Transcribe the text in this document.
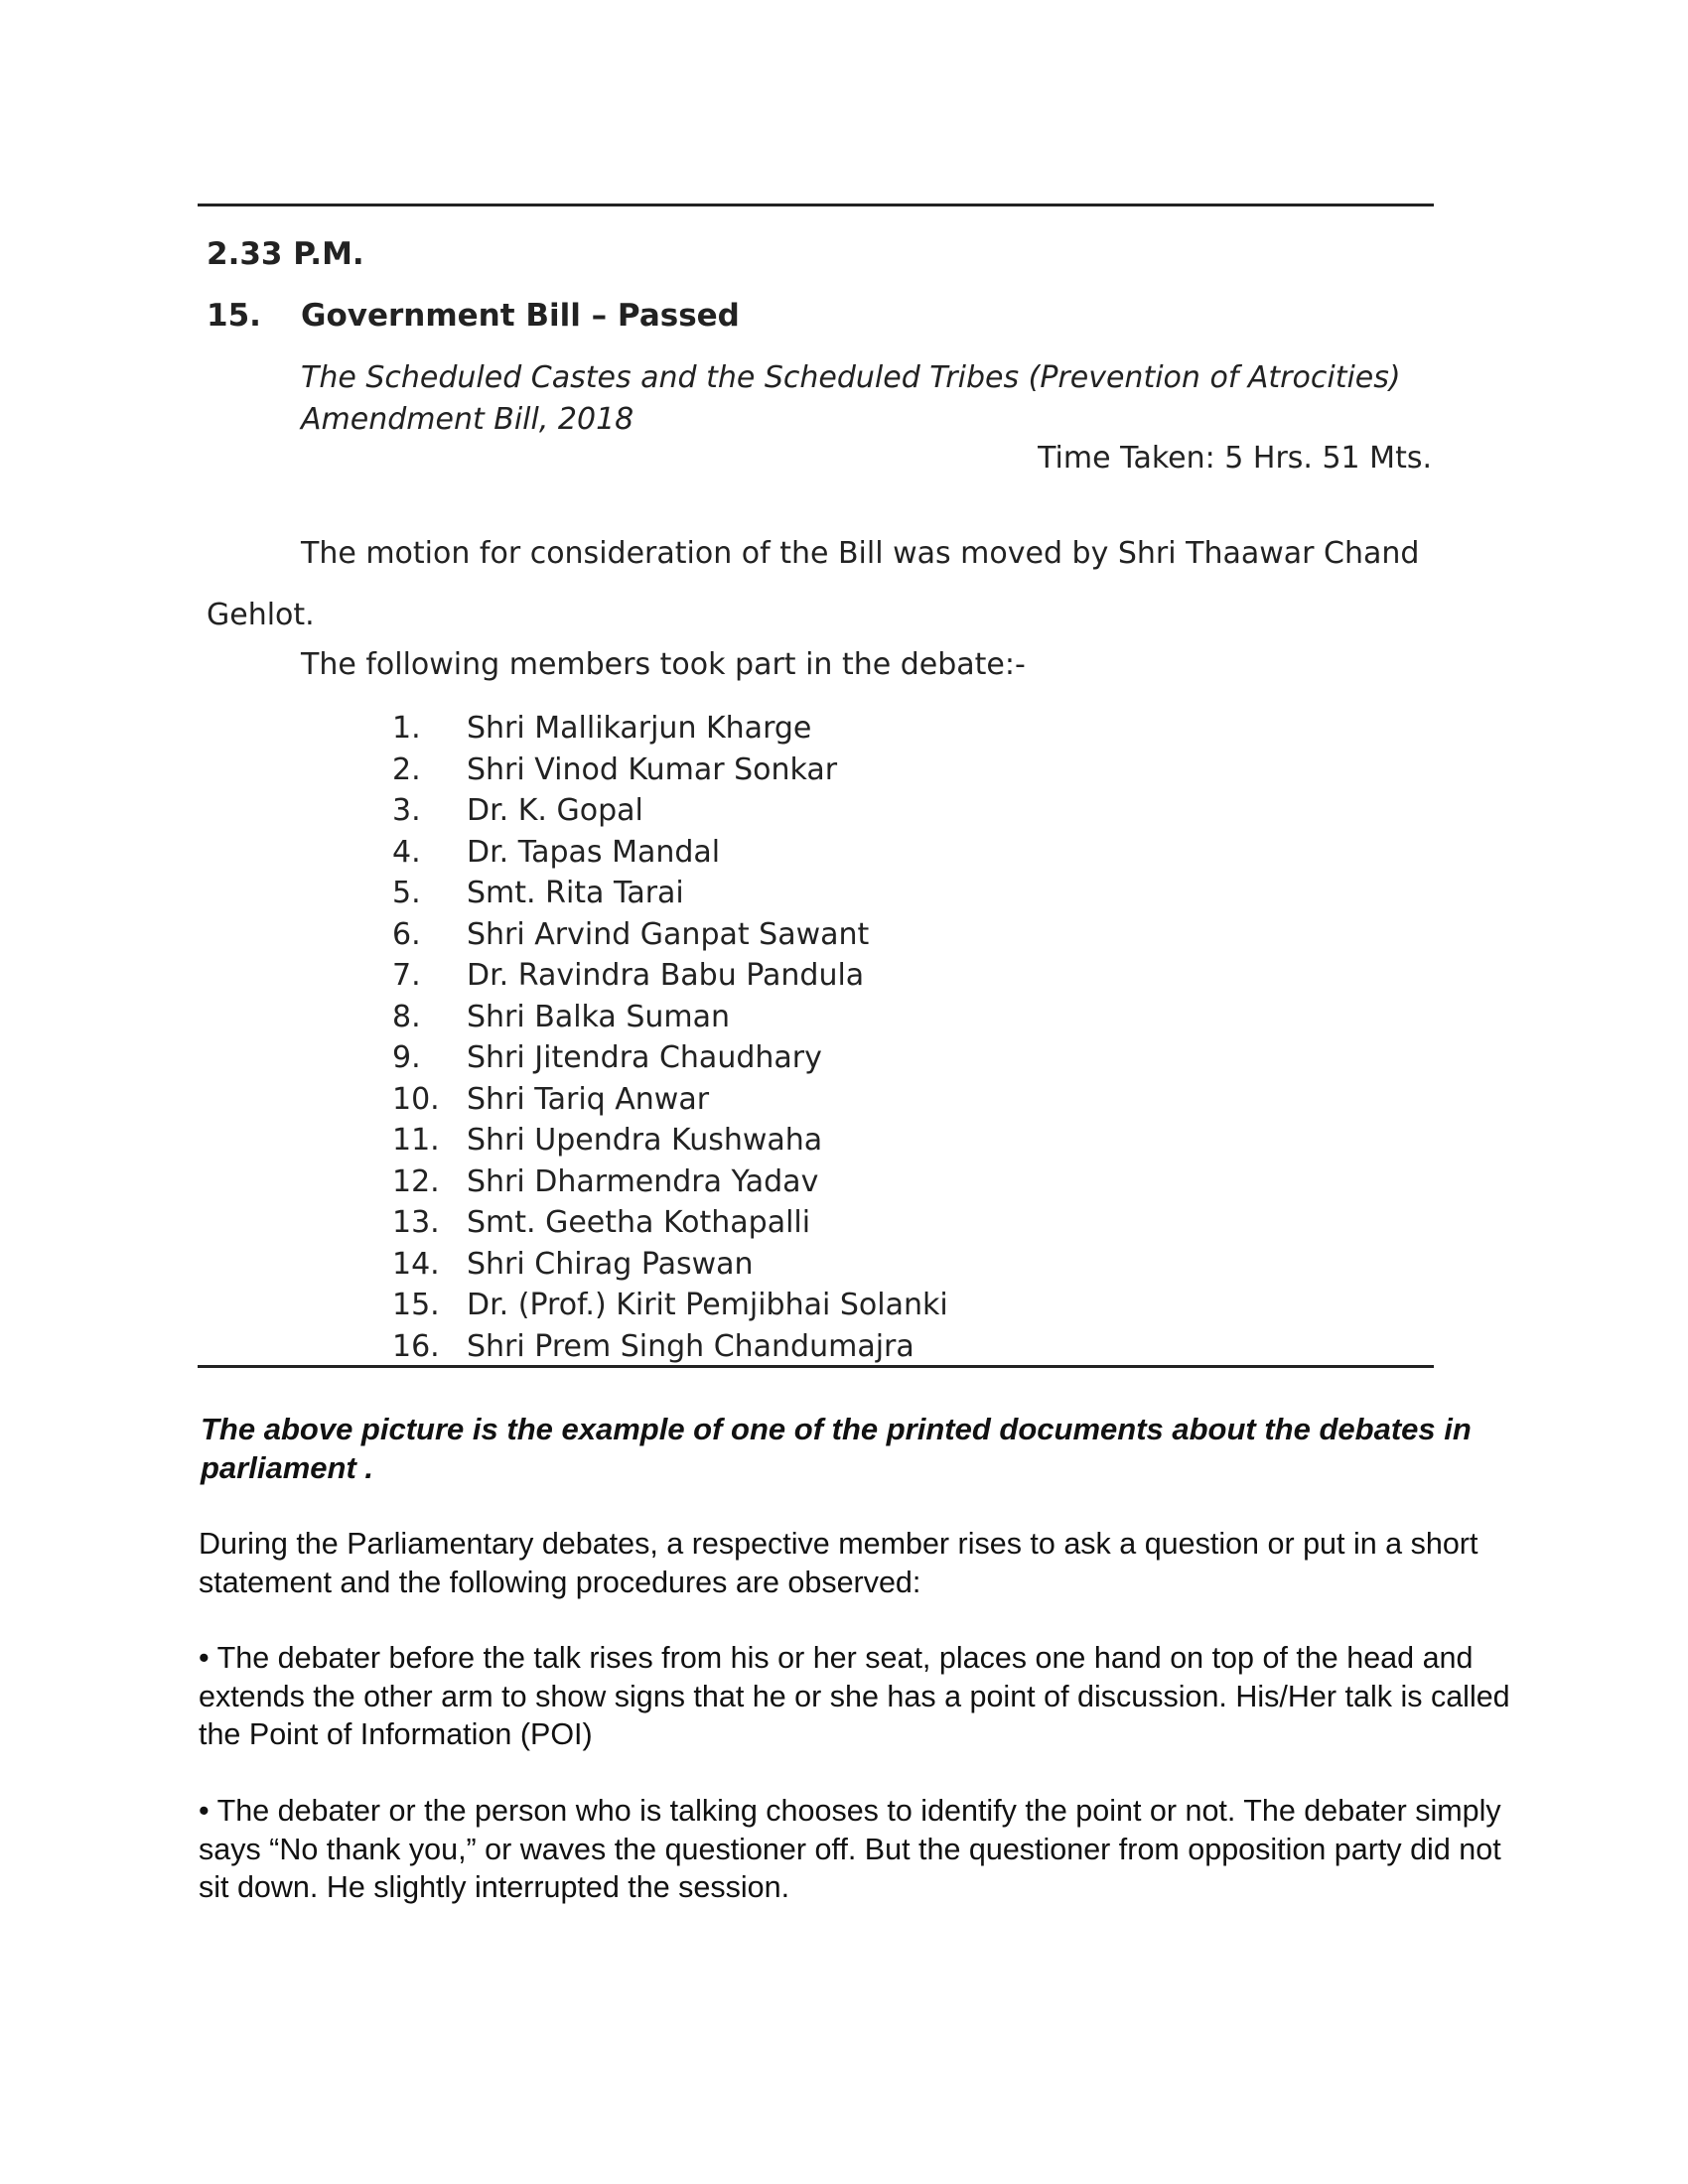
2.33 P.M.
15. Government Bill – Passed
The Scheduled Castes and the Scheduled Tribes (Prevention of Atrocities) Amendment Bill, 2018
Time Taken: 5 Hrs. 51 Mts.
The motion for consideration of the Bill was moved by Shri Thaawar Chand Gehlot.
The following members took part in the debate:-
1. Shri Mallikarjun Kharge
2. Shri Vinod Kumar Sonkar
3. Dr. K. Gopal
4. Dr. Tapas Mandal
5. Smt. Rita Tarai
6. Shri Arvind Ganpat Sawant
7. Dr. Ravindra Babu Pandula
8. Shri Balka Suman
9. Shri Jitendra Chaudhary
10. Shri Tariq Anwar
11. Shri Upendra Kushwaha
12. Shri Dharmendra Yadav
13. Smt. Geetha Kothapalli
14. Shri Chirag Paswan
15. Dr. (Prof.) Kirit Pemjibhai Solanki
16. Shri Prem Singh Chandumajra
The above picture is the example of one of the printed documents about the debates in parliament .
During the Parliamentary debates, a respective member rises to ask a question or put in a short statement and the following procedures are observed:
• The debater before the talk rises from his or her seat, places one hand on top of the head and extends the other arm to show signs that he or she has a point of discussion. His/Her talk is called the Point of Information (POI)
• The debater or the person who is talking chooses to identify the point or not. The debater simply says “No thank you,” or waves the questioner off. But the questioner from opposition party did not sit down. He slightly interrupted the session.
